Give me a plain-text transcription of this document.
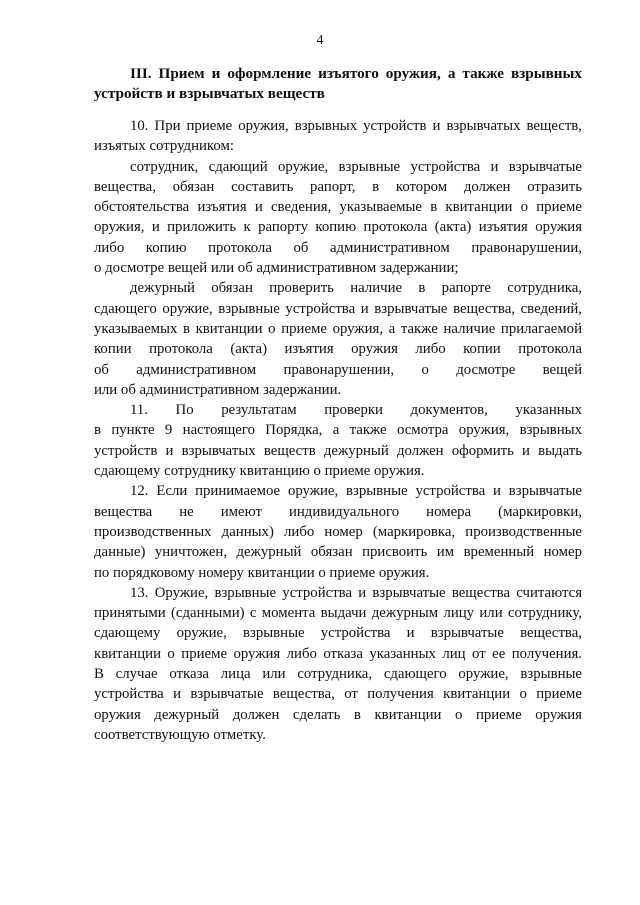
4
III. Прием и оформление изъятого оружия, а также взрывных
устройств и взрывчатых веществ
10. При приеме оружия, взрывных устройств и взрывчатых веществ,
изъятых сотрудником:
сотрудник, сдающий оружие, взрывные устройства и взрывчатые
вещества, обязан составить рапорт, в котором должен отразить
обстоятельства изъятия и сведения, указываемые в квитанции о приеме
оружия, и приложить к рапорту копию протокола (акта) изъятия оружия
либо копию протокола об административном правонарушении,
о досмотре вещей или об административном задержании;
дежурный обязан проверить наличие в рапорте сотрудника,
сдающего оружие, взрывные устройства и взрывчатые вещества, сведений,
указываемых в квитанции о приеме оружия, а также наличие прилагаемой
копии протокола (акта) изъятия оружия либо копии протокола
об административном правонарушении, о досмотре вещей
или об административном задержании.
11. По результатам проверки документов, указанных
в пункте 9 настоящего Порядка, а также осмотра оружия, взрывных
устройств и взрывчатых веществ дежурный должен оформить и выдать
сдающему сотруднику квитанцию о приеме оружия.
12. Если принимаемое оружие, взрывные устройства и взрывчатые
вещества не имеют индивидуального номера (маркировки,
производственных данных) либо номер (маркировка, производственные
данные) уничтожен, дежурный обязан присвоить им временный номер
по порядковому номеру квитанции о приеме оружия.
13. Оружие, взрывные устройства и взрывчатые вещества считаются
принятыми (сданными) с момента выдачи дежурным лицу или сотруднику,
сдающему оружие, взрывные устройства и взрывчатые вещества,
квитанции о приеме оружия либо отказа указанных лиц от ее получения.
В случае отказа лица или сотрудника, сдающего оружие, взрывные
устройства и взрывчатые вещества, от получения квитанции о приеме
оружия дежурный должен сделать в квитанции о приеме оружия
соответствующую отметку.
